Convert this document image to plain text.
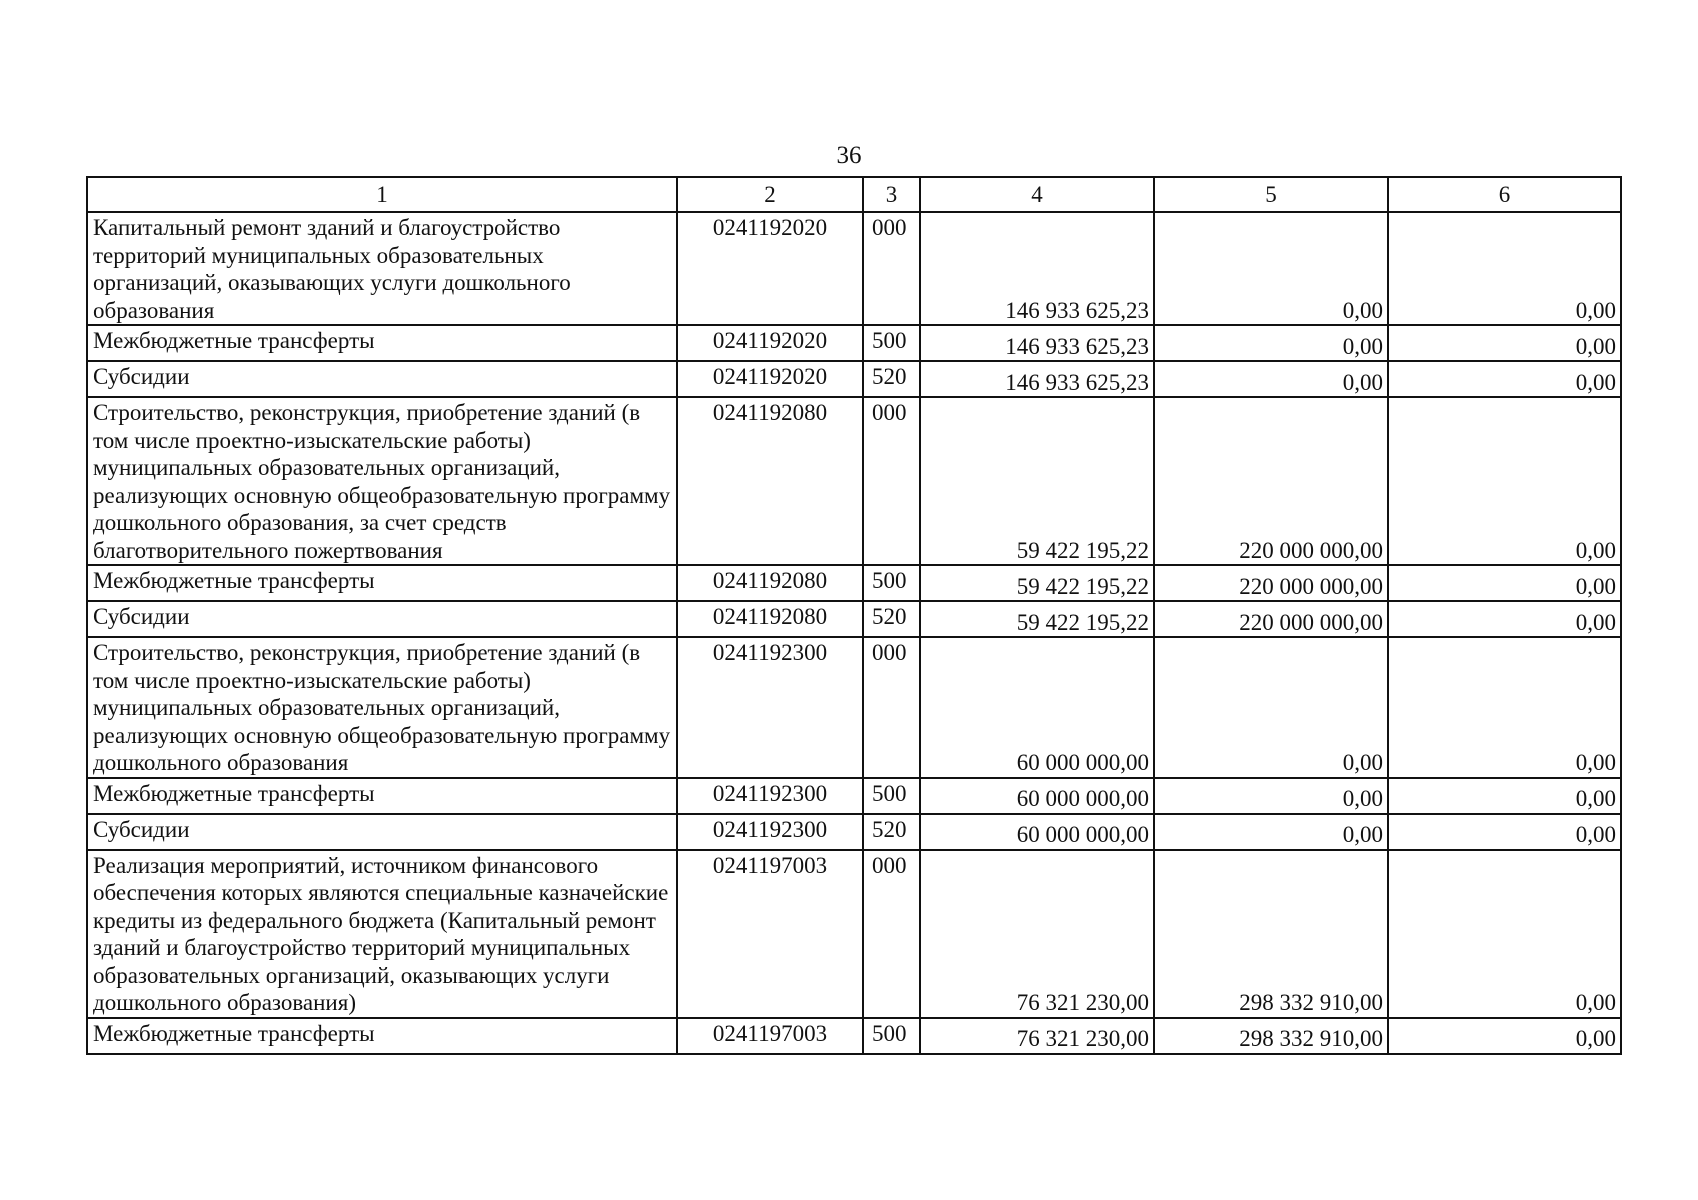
36
1	2	3	4	5	6
Капитальный ремонт зданий и благоустройство территорий муниципальных образовательных организаций, оказывающих услуги дошкольного образования	0241192020	000	146 933 625,23	0,00	0,00
Межбюджетные трансферты	0241192020	500	146 933 625,23	0,00	0,00
Субсидии	0241192020	520	146 933 625,23	0,00	0,00
Строительство, реконструкция, приобретение зданий (в том числе проектно-изыскательские работы) муниципальных образовательных организаций, реализующих основную общеобразовательную программу дошкольного образования, за счет средств благотворительного пожертвования	0241192080	000	59 422 195,22	220 000 000,00	0,00
Межбюджетные трансферты	0241192080	500	59 422 195,22	220 000 000,00	0,00
Субсидии	0241192080	520	59 422 195,22	220 000 000,00	0,00
Строительство, реконструкция, приобретение зданий (в том числе проектно-изыскательские работы) муниципальных образовательных организаций, реализующих основную общеобразовательную программу дошкольного образования	0241192300	000	60 000 000,00	0,00	0,00
Межбюджетные трансферты	0241192300	500	60 000 000,00	0,00	0,00
Субсидии	0241192300	520	60 000 000,00	0,00	0,00
Реализация мероприятий, источником финансового обеспечения которых являются специальные казначейские кредиты из федерального бюджета (Капитальный ремонт зданий и благоустройство территорий муниципальных образовательных организаций, оказывающих услуги дошкольного образования)	0241197003	000	76 321 230,00	298 332 910,00	0,00
Межбюджетные трансферты	0241197003	500	76 321 230,00	298 332 910,00	0,00
